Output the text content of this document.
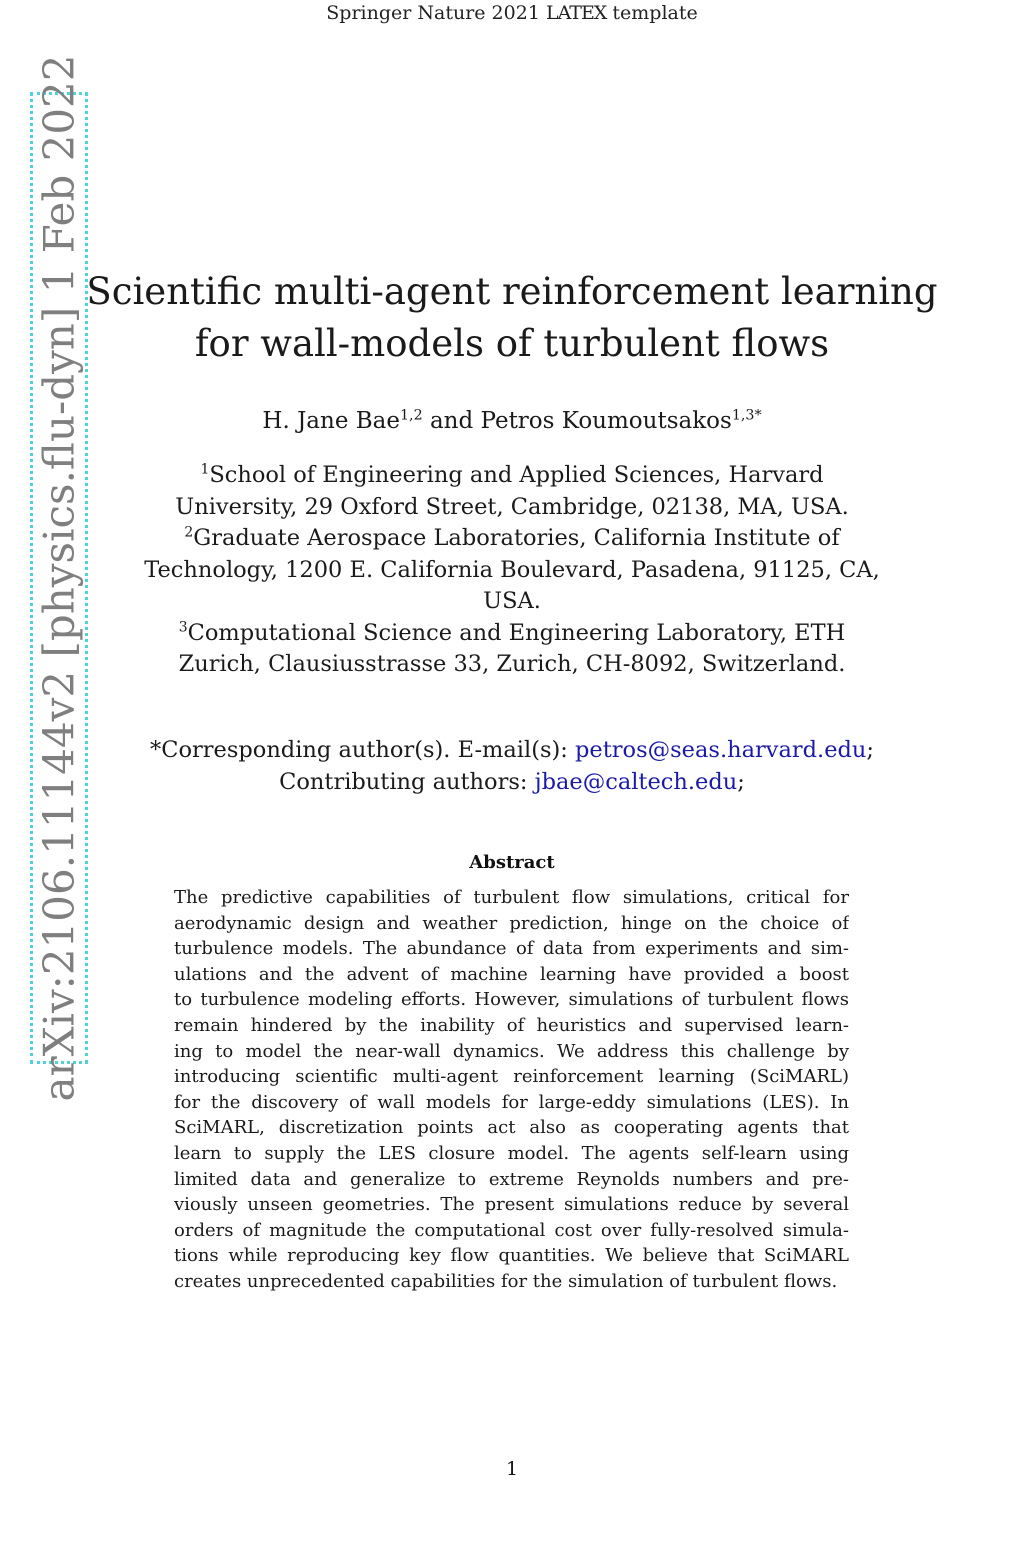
Springer Nature 2021 LATEX template
arXiv:2106.11144v2 [physics.flu-dyn] 1 Feb 2022 Scientific multi-agent reinforcement learning
for wall-models of turbulent flows
H. Jane Bae$^{1,2}$ and Petros Koumoutsakos$^{1,3*}$

$^1$School of Engineering and Applied Sciences, Harvard University, 29 Oxford Street, Cambridge, 02138, MA, USA.

$^2$Graduate Aerospace Laboratories, California Institute of Technology, 1200 E. California Boulevard, Pasadena, 91125, CA, USA.

$^3$Computational Science and Engineering Laboratory, ETH Zurich, Clausiusstrasse 33, Zurich, CH-8092, Switzerland.

*Corresponding author(s). E-mail(s): petros@seas.harvard.edu;

Contributing authors: jbae@caltech.edu;

Abstract
The predictive capabilities of turbulent flow simulations, critical for
aerodynamic design and weather prediction, hinge on the choice of
turbulence models. The abundance of data from experiments and sim-
ulations and the advent of machine learning have provided a boost
to turbulence modeling efforts. However, simulations of turbulent flows
remain hindered by the inability of heuristics and supervised learn-
ing to model the near-wall dynamics. We address this challenge by
introducing scientific multi-agent reinforcement learning (SciMARL)
for the discovery of wall models for large-eddy simulations (LES). In
SciMARL, discretization points act also as cooperating agents that
learn to supply the LES closure model. The agents self-learn using
limited data and generalize to extreme Reynolds numbers and pre-
viously unseen geometries. The present simulations reduce by several
orders of magnitude the computational cost over fully-resolved simula-
tions while reproducing key flow quantities. We believe that SciMARL
creates unprecedented capabilities for the simulation of turbulent flows.
1
